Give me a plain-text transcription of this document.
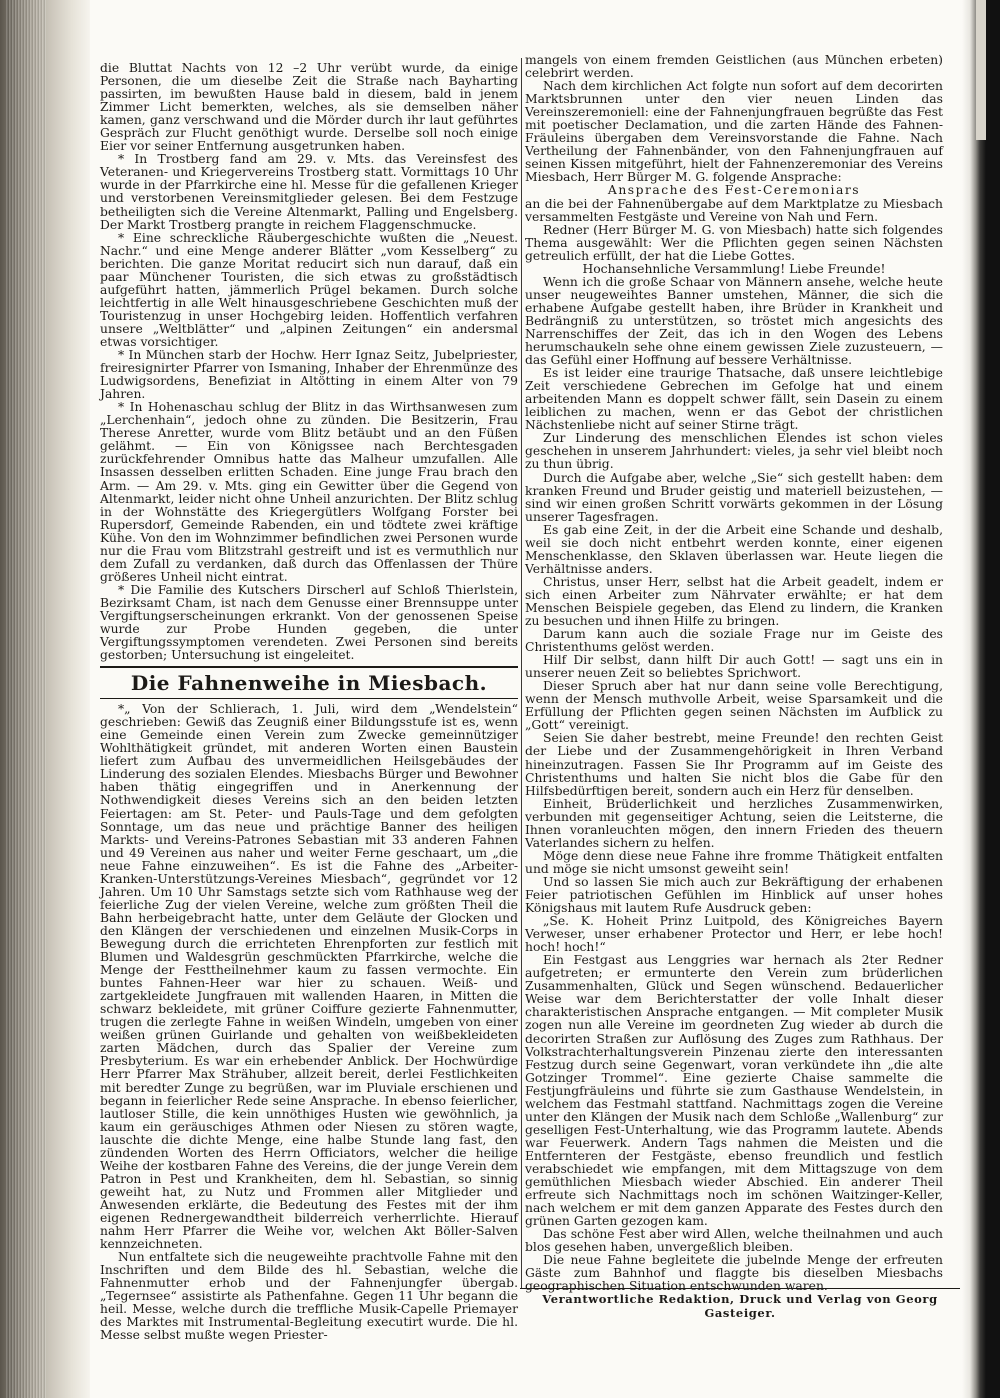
die Bluttat Nachts von 12 –2 Uhr verübt wurde, da einige Personen, die um dieselbe Zeit die Straße nach Bayharting passirten, im bewußten Hause bald in diesem, bald in jenem Zimmer Licht bemerkten, welches, als sie demselben näher kamen, ganz verschwand und die Mörder durch ihr laut geführtes Gespräch zur Flucht genöthigt wurde. Derselbe soll noch einige Eier vor seiner Entfernung ausgetrunken haben.

* In Trostberg fand am 29. v. Mts. das Vereinsfest des Veteranen- und Kriegervereins Trostberg statt. Vormittags 10 Uhr wurde in der Pfarrkirche eine hl. Messe für die gefallenen Krieger und verstorbenen Vereinsmitglieder gelesen. Bei dem Festzuge betheiligten sich die Vereine Altenmarkt, Palling und Engelsberg. Der Markt Trostberg prangte in reichem Flaggenschmucke.

* Eine schreckliche Räubergeschichte wußten die „Neuest. Nachr.“ und eine Menge anderer Blätter „vom Kesselberg“ zu berichten. Die ganze Moritat reducirt sich nun darauf, daß ein paar Münchener Touristen, die sich etwas zu großstädtisch aufgeführt hatten, jämmerlich Prügel bekamen. Durch solche leichtfertig in alle Welt hinausgeschriebene Geschichten muß der Touristenzug in unser Hochgebirg leiden. Hoffentlich verfahren unsere „Weltblätter“ und „alpinen Zeitungen“ ein andersmal etwas vorsichtiger.

* In München starb der Hochw. Herr Ignaz Seitz, Jubelpriester, freiresignirter Pfarrer von Ismaning, Inhaber der Ehrenmünze des Ludwigsordens, Benefiziat in Altötting in einem Alter von 79 Jahren.

* In Hohenaschau schlug der Blitz in das Wirthsanwesen zum „Lerchenhain“, jedoch ohne zu zünden. Die Besitzerin, Frau Therese Anretter, wurde vom Blitz betäubt und an den Füßen gelähmt. — Ein von Königssee nach Berchtesgaden zurückfehrender Omnibus hatte das Malheur umzufallen. Alle Insassen desselben erlitten Schaden. Eine junge Frau brach den Arm. — Am 29. v. Mts. ging ein Gewitter über die Gegend von Altenmarkt, leider nicht ohne Unheil anzurichten. Der Blitz schlug in der Wohnstätte des Kriegergütlers Wolfgang Forster bei Rupersdorf, Gemeinde Rabenden, ein und tödtete zwei kräftige Kühe. Von den im Wohnzimmer befindlichen zwei Personen wurde nur die Frau vom Blitzstrahl gestreift und ist es vermuthlich nur dem Zufall zu verdanken, daß durch das Offenlassen der Thüre größeres Unheil nicht eintrat.

* Die Familie des Kutschers Dirscherl auf Schloß Thierlstein, Bezirksamt Cham, ist nach dem Genusse einer Brennsuppe unter Vergiftungserscheinungen erkrankt. Von der genossenen Speise wurde zur Probe Hunden gegeben, die unter Vergiftungssymptomen verendeten. Zwei Personen sind bereits gestorben; Untersuchung ist eingeleitet.

Die Fahnenweihe in Miesbach.

*„ Von der Schlierach, 1. Juli, wird dem „Wendelstein“ geschrieben: Gewiß das Zeugniß einer Bildungsstufe ist es, wenn eine Gemeinde einen Verein zum Zwecke gemeinnütziger Wohlthätigkeit gründet, mit anderen Worten einen Baustein liefert zum Aufbau des unvermeidlichen Heilsgebäudes der Linderung des sozialen Elendes. Miesbachs Bürger und Bewohner haben thätig eingegriffen und in Anerkennung der Nothwendigkeit dieses Vereins sich an den beiden letzten Feiertagen: am St. Peter- und Pauls-Tage und dem gefolgten Sonntage, um das neue und prächtige Banner des heiligen Markts- und Vereins-Patrones Sebastian mit 33 anderen Fahnen und 49 Vereinen aus naher und weiter Ferne geschaart, um „die neue Fahne einzuweihen“. Es ist die Fahne des „Arbeiter-Kranken-Unterstützungs-Vereines Miesbach“, gegründet vor 12 Jahren. Um 10 Uhr Samstags setzte sich vom Rathhause weg der feierliche Zug der vielen Vereine, welche zum größten Theil die Bahn herbeigebracht hatte, unter dem Geläute der Glocken und den Klängen der verschiedenen und einzelnen Musik-Corps in Bewegung durch die errichteten Ehrenpforten zur festlich mit Blumen und Waldesgrün geschmückten Pfarrkirche, welche die Menge der Festtheilnehmer kaum zu fassen vermochte. Ein buntes Fahnen-Heer war hier zu schauen. Weiß- und zartgekleidete Jungfrauen mit wallenden Haaren, in Mitten die schwarz bekleidete, mit grüner Coiffure gezierte Fahnenmutter, trugen die zerlegte Fahne in weißen Windeln, umgeben von einer weißen grünen Guirlande und gehalten von weißbekleideten zarten Mädchen, durch das Spalier der Vereine zum Presbyterium. Es war ein erhebender Anblick. Der Hochwürdige Herr Pfarrer Max Strähuber, allzeit bereit, derlei Festlichkeiten mit beredter Zunge zu begrüßen, war im Pluviale erschienen und begann in feierlicher Rede seine Ansprache. In ebenso feierlicher, lautloser Stille, die kein unnöthiges Husten wie gewöhnlich, ja kaum ein geräuschiges Athmen oder Niesen zu stören wagte, lauschte die dichte Menge, eine halbe Stunde lang fast, den zündenden Worten des Herrn Officiators, welcher die heilige Weihe der kostbaren Fahne des Vereins, die der junge Verein dem Patron in Pest und Krankheiten, dem hl. Sebastian, so sinnig geweiht hat, zu Nutz und Frommen aller Mitglieder und Anwesenden erklärte, die Bedeutung des Festes mit der ihm eigenen Rednergewandtheit bilderreich verherrlichte. Hierauf nahm Herr Pfarrer die Weihe vor, welchen Akt Böller-Salven kennzeichneten.

Nun entfaltete sich die neugeweihte prachtvolle Fahne mit den Inschriften und dem Bilde des hl. Sebastian, welche die Fahnenmutter erhob und der Fahnenjungfer übergab. „Tegernsee“ assistirte als Pathenfahne. Gegen 11 Uhr begann die heil. Messe, welche durch die treffliche Musik-Capelle Priemayer des Marktes mit Instrumental-Begleitung executirt wurde. Die hl. Messe selbst mußte wegen Priester-

mangels von einem fremden Geistlichen (aus München erbeten) celebrirt werden.

Nach dem kirchlichen Act folgte nun sofort auf dem decorirten Marktsbrunnen unter den vier neuen Linden das Vereinszeremoniell: eine der Fahnenjungfrauen begrüßte das Fest mit poetischer Declamation, und die zarten Hände des Fahnen-Fräuleins übergaben dem Vereinsvorstande die Fahne. Nach Vertheilung der Fahnenbänder, von den Fahnenjungfrauen auf seinen Kissen mitgeführt, hielt der Fahnenzeremoniar des Vereins Miesbach, Herr Bürger M. G. folgende Ansprache:

Ansprache des Fest-Ceremoniars

an die bei der Fahnenübergabe auf dem Marktplatze zu Miesbach versammelten Festgäste und Vereine von Nah und Fern.

Redner (Herr Bürger M. G. von Miesbach) hatte sich folgendes Thema ausgewählt: Wer die Pflichten gegen seinen Nächsten getreulich erfüllt, der hat die Liebe Gottes.

Hochansehnliche Versammlung! Liebe Freunde!

Wenn ich die große Schaar von Männern ansehe, welche heute unser neugeweihtes Banner umstehen, Männer, die sich die erhabene Aufgabe gestellt haben, ihre Brüder in Krankheit und Bedrängniß zu unterstützen, so tröstet mich angesichts des Narrenschiffes der Zeit, das ich in den Wogen des Lebens herumschaukeln sehe ohne einem gewissen Ziele zuzusteuern, — das Gefühl einer Hoffnung auf bessere Verhältnisse.

Es ist leider eine traurige Thatsache, daß unsere leichtlebige Zeit verschiedene Gebrechen im Gefolge hat und einem arbeitenden Mann es doppelt schwer fällt, sein Dasein zu einem leiblichen zu machen, wenn er das Gebot der christlichen Nächstenliebe nicht auf seiner Stirne trägt.

Zur Linderung des menschlichen Elendes ist schon vieles geschehen in unserem Jahrhundert: vieles, ja sehr viel bleibt noch zu thun übrig.

Durch die Aufgabe aber, welche „Sie“ sich gestellt haben: dem kranken Freund und Bruder geistig und materiell beizustehen, — sind wir einen großen Schritt vorwärts gekommen in der Lösung unserer Tagesfragen.

Es gab eine Zeit, in der die Arbeit eine Schande und deshalb, weil sie doch nicht entbehrt werden konnte, einer eigenen Menschenklasse, den Sklaven überlassen war. Heute liegen die Verhältnisse anders.

Christus, unser Herr, selbst hat die Arbeit geadelt, indem er sich einen Arbeiter zum Nährvater erwählte; er hat dem Menschen Beispiele gegeben, das Elend zu lindern, die Kranken zu besuchen und ihnen Hilfe zu bringen.

Darum kann auch die soziale Frage nur im Geiste des Christenthums gelöst werden.

Hilf Dir selbst, dann hilft Dir auch Gott! — sagt uns ein in unserer neuen Zeit so beliebtes Sprichwort.

Dieser Spruch aber hat nur dann seine volle Berechtigung, wenn der Mensch muthvolle Arbeit, weise Sparsamkeit und die Erfüllung der Pflichten gegen seinen Nächsten im Aufblick zu „Gott“ vereinigt.

Seien Sie daher bestrebt, meine Freunde! den rechten Geist der Liebe und der Zusammengehörigkeit in Ihren Verband hineinzutragen. Fassen Sie Ihr Programm auf im Geiste des Christenthums und halten Sie nicht blos die Gabe für den Hilfsbedürftigen bereit, sondern auch ein Herz für denselben.

Einheit, Brüderlichkeit und herzliches Zusammenwirken, verbunden mit gegenseitiger Achtung, seien die Leitsterne, die Ihnen voranleuchten mögen, den innern Frieden des theuern Vaterlandes sichern zu helfen.

Möge denn diese neue Fahne ihre fromme Thätigkeit entfalten und möge sie nicht umsonst geweiht sein!

Und so lassen Sie mich auch zur Bekräftigung der erhabenen Feier patriotischen Gefühlen im Hinblick auf unser hohes Königshaus mit lautem Rufe Ausdruck geben:

„Se. K. Hoheit Prinz Luitpold, des Königreiches Bayern Verweser, unser erhabener Protector und Herr, er lebe hoch! hoch! hoch!“

Ein Festgast aus Lenggries war hernach als 2ter Redner aufgetreten; er ermunterte den Verein zum brüderlichen Zusammenhalten, Glück und Segen wünschend. Bedauerlicher Weise war dem Berichterstatter der volle Inhalt dieser charakteristischen Ansprache entgangen. — Mit completer Musik zogen nun alle Vereine im geordneten Zug wieder ab durch die decorirten Straßen zur Auflösung des Zuges zum Rathhaus. Der Volkstrachterhaltungsverein Pinzenau zierte den interessanten Festzug durch seine Gegenwart, voran verkündete ihn „die alte Gotzinger Trommel“. Eine gezierte Chaise sammelte die Festjungfräuleins und führte sie zum Gasthause Wendelstein, in welchem das Festmahl stattfand. Nachmittags zogen die Vereine unter den Klängen der Musik nach dem Schloße „Wallenburg“ zur geselligen Fest-Unterhaltung, wie das Programm lautete. Abends war Feuerwerk. Andern Tags nahmen die Meisten und die Entfernteren der Festgäste, ebenso freundlich und festlich verabschiedet wie empfangen, mit dem Mittagszuge von dem gemüthlichen Miesbach wieder Abschied. Ein anderer Theil erfreute sich Nachmittags noch im schönen Waitzinger-Keller, nach welchem er mit dem ganzen Apparate des Festes durch den grünen Garten gezogen kam.

Das schöne Fest aber wird Allen, welche theilnahmen und auch blos gesehen haben, unvergeßlich bleiben.

Die neue Fahne begleitete die jubelnde Menge der erfreuten Gäste zum Bahnhof und flaggte bis dieselben Miesbachs geographischen Situation entschwunden waren.

Verantwortliche Redaktion, Druck und Verlag von Georg Gasteiger.
